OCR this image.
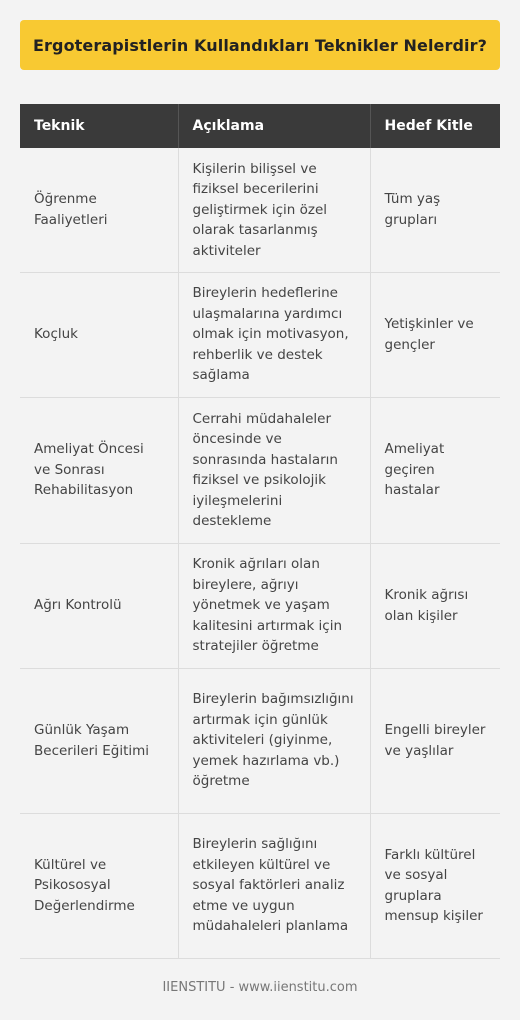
Ergoterapistlerin Kullandıkları Teknikler Nelerdir?
Teknik	Açıklama	Hedef Kitle
Öğrenme Faaliyetleri	Kişilerin bilişsel ve fiziksel becerilerini geliştirmek için özel olarak tasarlanmış aktiviteler	Tüm yaş grupları
Koçluk	Bireylerin hedeflerine ulaşmalarına yardımcı olmak için motivasyon, rehberlik ve destek sağlama	Yetişkinler ve gençler
Ameliyat Öncesi ve Sonrası Rehabilitasyon	Cerrahi müdahaleler öncesinde ve sonrasında hastaların fiziksel ve psikolojik iyileşmelerini destekleme	Ameliyat geçiren hastalar
Ağrı Kontrolü	Kronik ağrıları olan bireylere, ağrıyı yönetmek ve yaşam kalitesini artırmak için stratejiler öğretme	Kronik ağrısı olan kişiler
Günlük Yaşam Becerileri Eğitimi	Bireylerin bağımsızlığını artırmak için günlük aktiviteleri (giyinme, yemek hazırlama vb.) öğretme	Engelli bireyler ve yaşlılar
Kültürel ve Psikososyal Değerlendirme	Bireylerin sağlığını etkileyen kültürel ve sosyal faktörleri analiz etme ve uygun müdahaleleri planlama	Farklı kültürel ve sosyal gruplara mensup kişiler
IIENSTITU - www.iienstitu.com
